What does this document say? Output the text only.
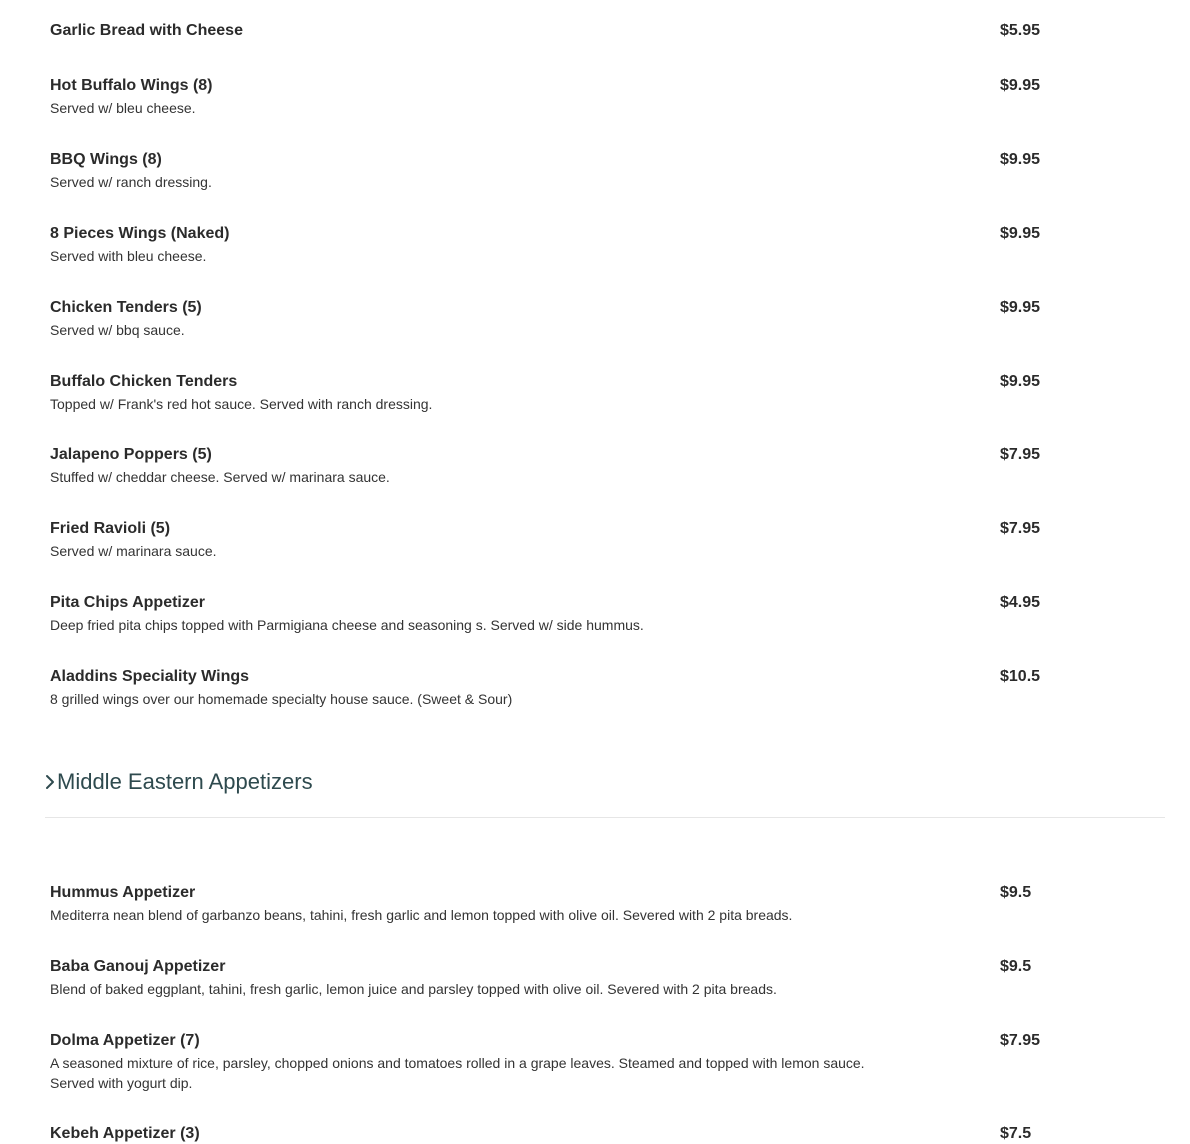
Garlic Bread with Cheese	$5.95
Hot Buffalo Wings (8)	$9.95
Served w/ bleu cheese.
BBQ Wings (8)	$9.95
Served w/ ranch dressing.
8 Pieces Wings (Naked)	$9.95
Served with bleu cheese.
Chicken Tenders (5)	$9.95
Served w/ bbq sauce.
Buffalo Chicken Tenders	$9.95
Topped w/ Frank's red hot sauce. Served with ranch dressing.
Jalapeno Poppers (5)	$7.95
Stuffed w/ cheddar cheese. Served w/ marinara sauce.
Fried Ravioli (5)	$7.95
Served w/ marinara sauce.
Pita Chips Appetizer	$4.95
Deep fried pita chips topped with Parmigiana cheese and seasoning s. Served w/ side hummus.
Aladdins Speciality Wings	$10.5
8 grilled wings over our homemade specialty house sauce. (Sweet & Sour)
Middle Eastern Appetizers
Hummus Appetizer	$9.5
Mediterra nean blend of garbanzo beans, tahini, fresh garlic and lemon topped with olive oil. Severed with 2 pita breads.
Baba Ganouj Appetizer	$9.5
Blend of baked eggplant, tahini, fresh garlic, lemon juice and parsley topped with olive oil. Severed with 2 pita breads.
Dolma Appetizer (7)	$7.95
A seasoned mixture of rice, parsley, chopped onions and tomatoes rolled in a grape leaves. Steamed and topped with lemon sauce. Served with yogurt dip.
Kebeh Appetizer (3)	$7.5
